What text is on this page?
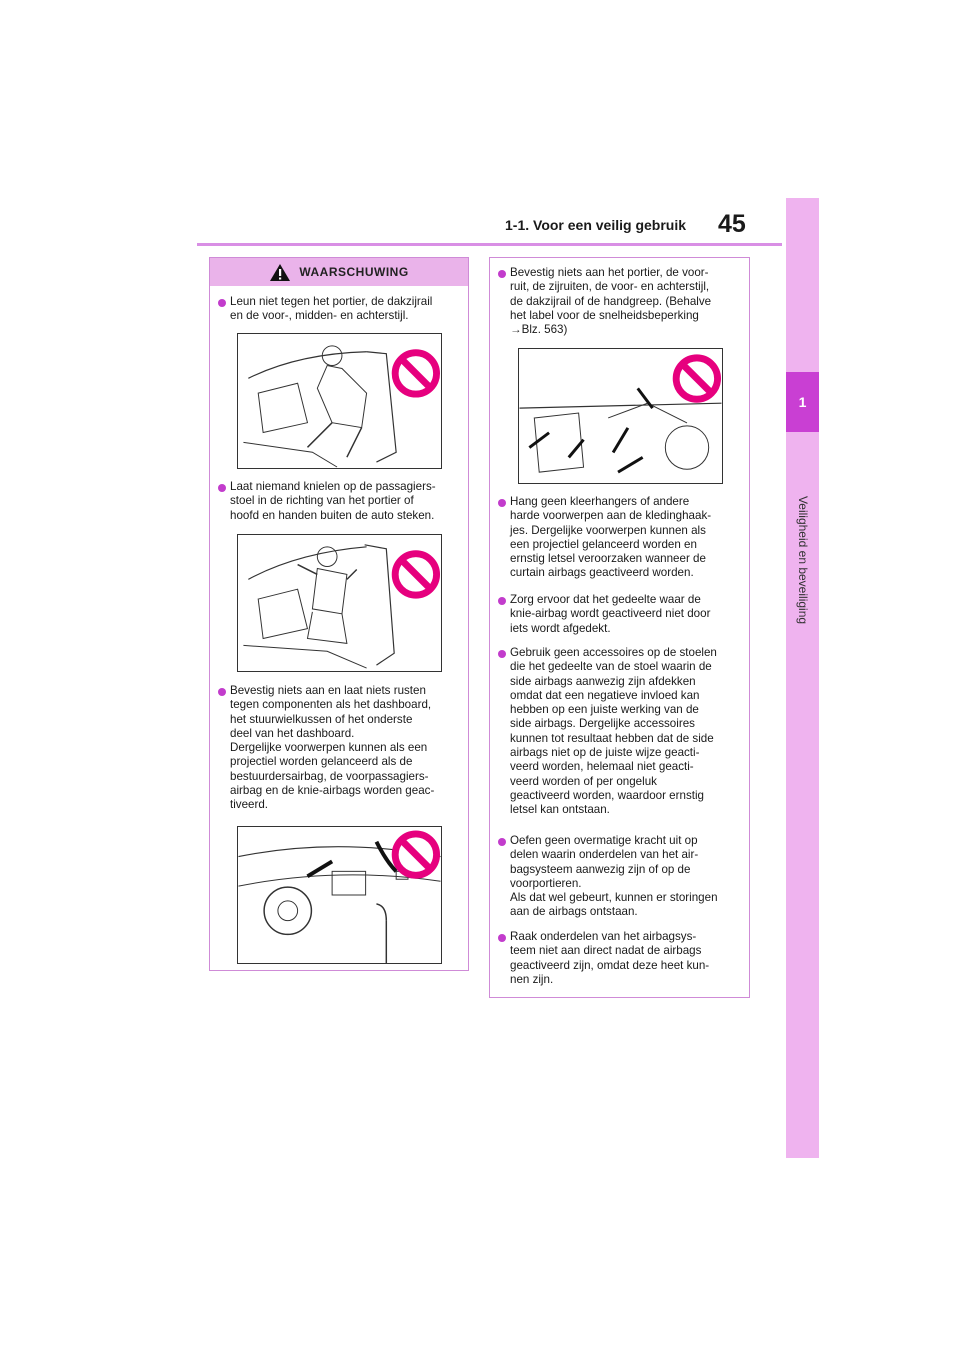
1-1. Voor een veilig gebruik 45
1
Veiligheid en beveiliging
WAARSCHUWING
Leun niet tegen het portier, de dakzijrail
en de voor-, midden- en achterstijl.
Laat niemand knielen op de passagiers-
stoel in de richting van het portier of
hoofd en handen buiten de auto steken.
Bevestig niets aan en laat niets rusten
tegen componenten als het dashboard,
het stuurwielkussen of het onderste
deel van het dashboard.
Dergelijke voorwerpen kunnen als een
projectiel worden gelanceerd als de
bestuurdersairbag, de voorpassagiers-
airbag en de knie-airbags worden geac-
tiveerd.
Bevestig niets aan het portier, de voor-
ruit, de zijruiten, de voor- en achterstijl,
de dakzijrail of de handgreep. (Behalve
het label voor de snelheidsbeperking
→Blz. 563)
Hang geen kleerhangers of andere
harde voorwerpen aan de kledinghaak-
jes. Dergelijke voorwerpen kunnen als
een projectiel gelanceerd worden en
ernstig letsel veroorzaken wanneer de
curtain airbags geactiveerd worden.
Zorg ervoor dat het gedeelte waar de
knie-airbag wordt geactiveerd niet door
iets wordt afgedekt.
Gebruik geen accessoires op de stoelen
die het gedeelte van de stoel waarin de
side airbags aanwezig zijn afdekken
omdat dat een negatieve invloed kan
hebben op een juiste werking van de
side airbags. Dergelijke accessoires
kunnen tot resultaat hebben dat de side
airbags niet op de juiste wijze geacti-
veerd worden, helemaal niet geacti-
veerd worden of per ongeluk
geactiveerd worden, waardoor ernstig
letsel kan ontstaan.
Oefen geen overmatige kracht uit op
delen waarin onderdelen van het air-
bagsysteem aanwezig zijn of op de
voorportieren.
Als dat wel gebeurt, kunnen er storingen
aan de airbags ontstaan.
Raak onderdelen van het airbagsys-
teem niet aan direct nadat de airbags
geactiveerd zijn, omdat deze heet kun-
nen zijn.
